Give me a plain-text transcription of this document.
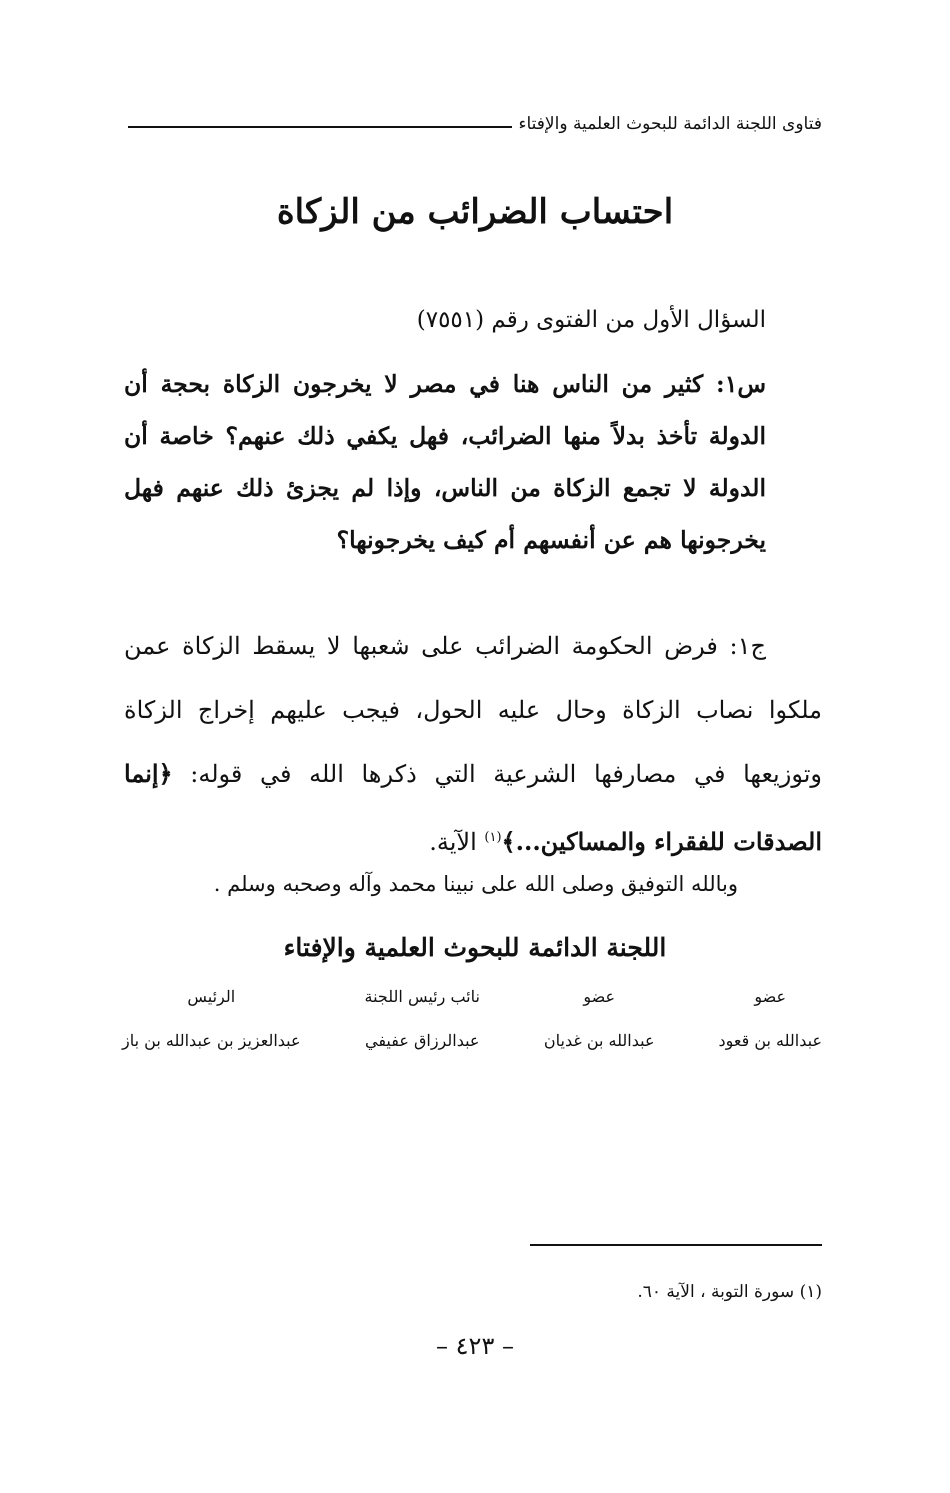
فتاوى اللجنة الدائمة للبحوث العلمية والإفتاء
احتساب الضرائب من الزكاة
السؤال الأول من الفتوى رقم (٧٥٥١)
س١: كثير من الناس هنا في مصر لا يخرجون الزكاة بحجة أن الدولة تأخذ بدلاً منها الضرائب، فهل يكفي ذلك عنهم؟ خاصة أن الدولة لا تجمع الزكاة من الناس، وإذا لم يجزئ ذلك عنهم فهل يخرجونها هم عن أنفسهم أم كيف يخرجونها؟
ج١: فرض الحكومة الضرائب على شعبها لا يسقط الزكاة عمن ملكوا نصاب الزكاة وحال عليه الحول، فيجب عليهم إخراج الزكاة وتوزيعها في مصارفها الشرعية التي ذكرها الله في قوله: ﴿إنما الصدقات للفقراء والمساكين...﴾$^{(١)}$ الآية.
وبالله التوفيق وصلى الله على نبينا محمد وآله وصحبه وسلم .
اللجنة الدائمة للبحوث العلمية والإفتاء
عضو
عبدالله بن قعود
عضو
عبدالله بن غديان
نائب رئيس اللجنة
عبدالرزاق عفيفي
الرئيس
عبدالعزيز بن عبدالله بن باز
(١) سورة التوبة ، الآية ٦٠.
– ٤٢٣ –
